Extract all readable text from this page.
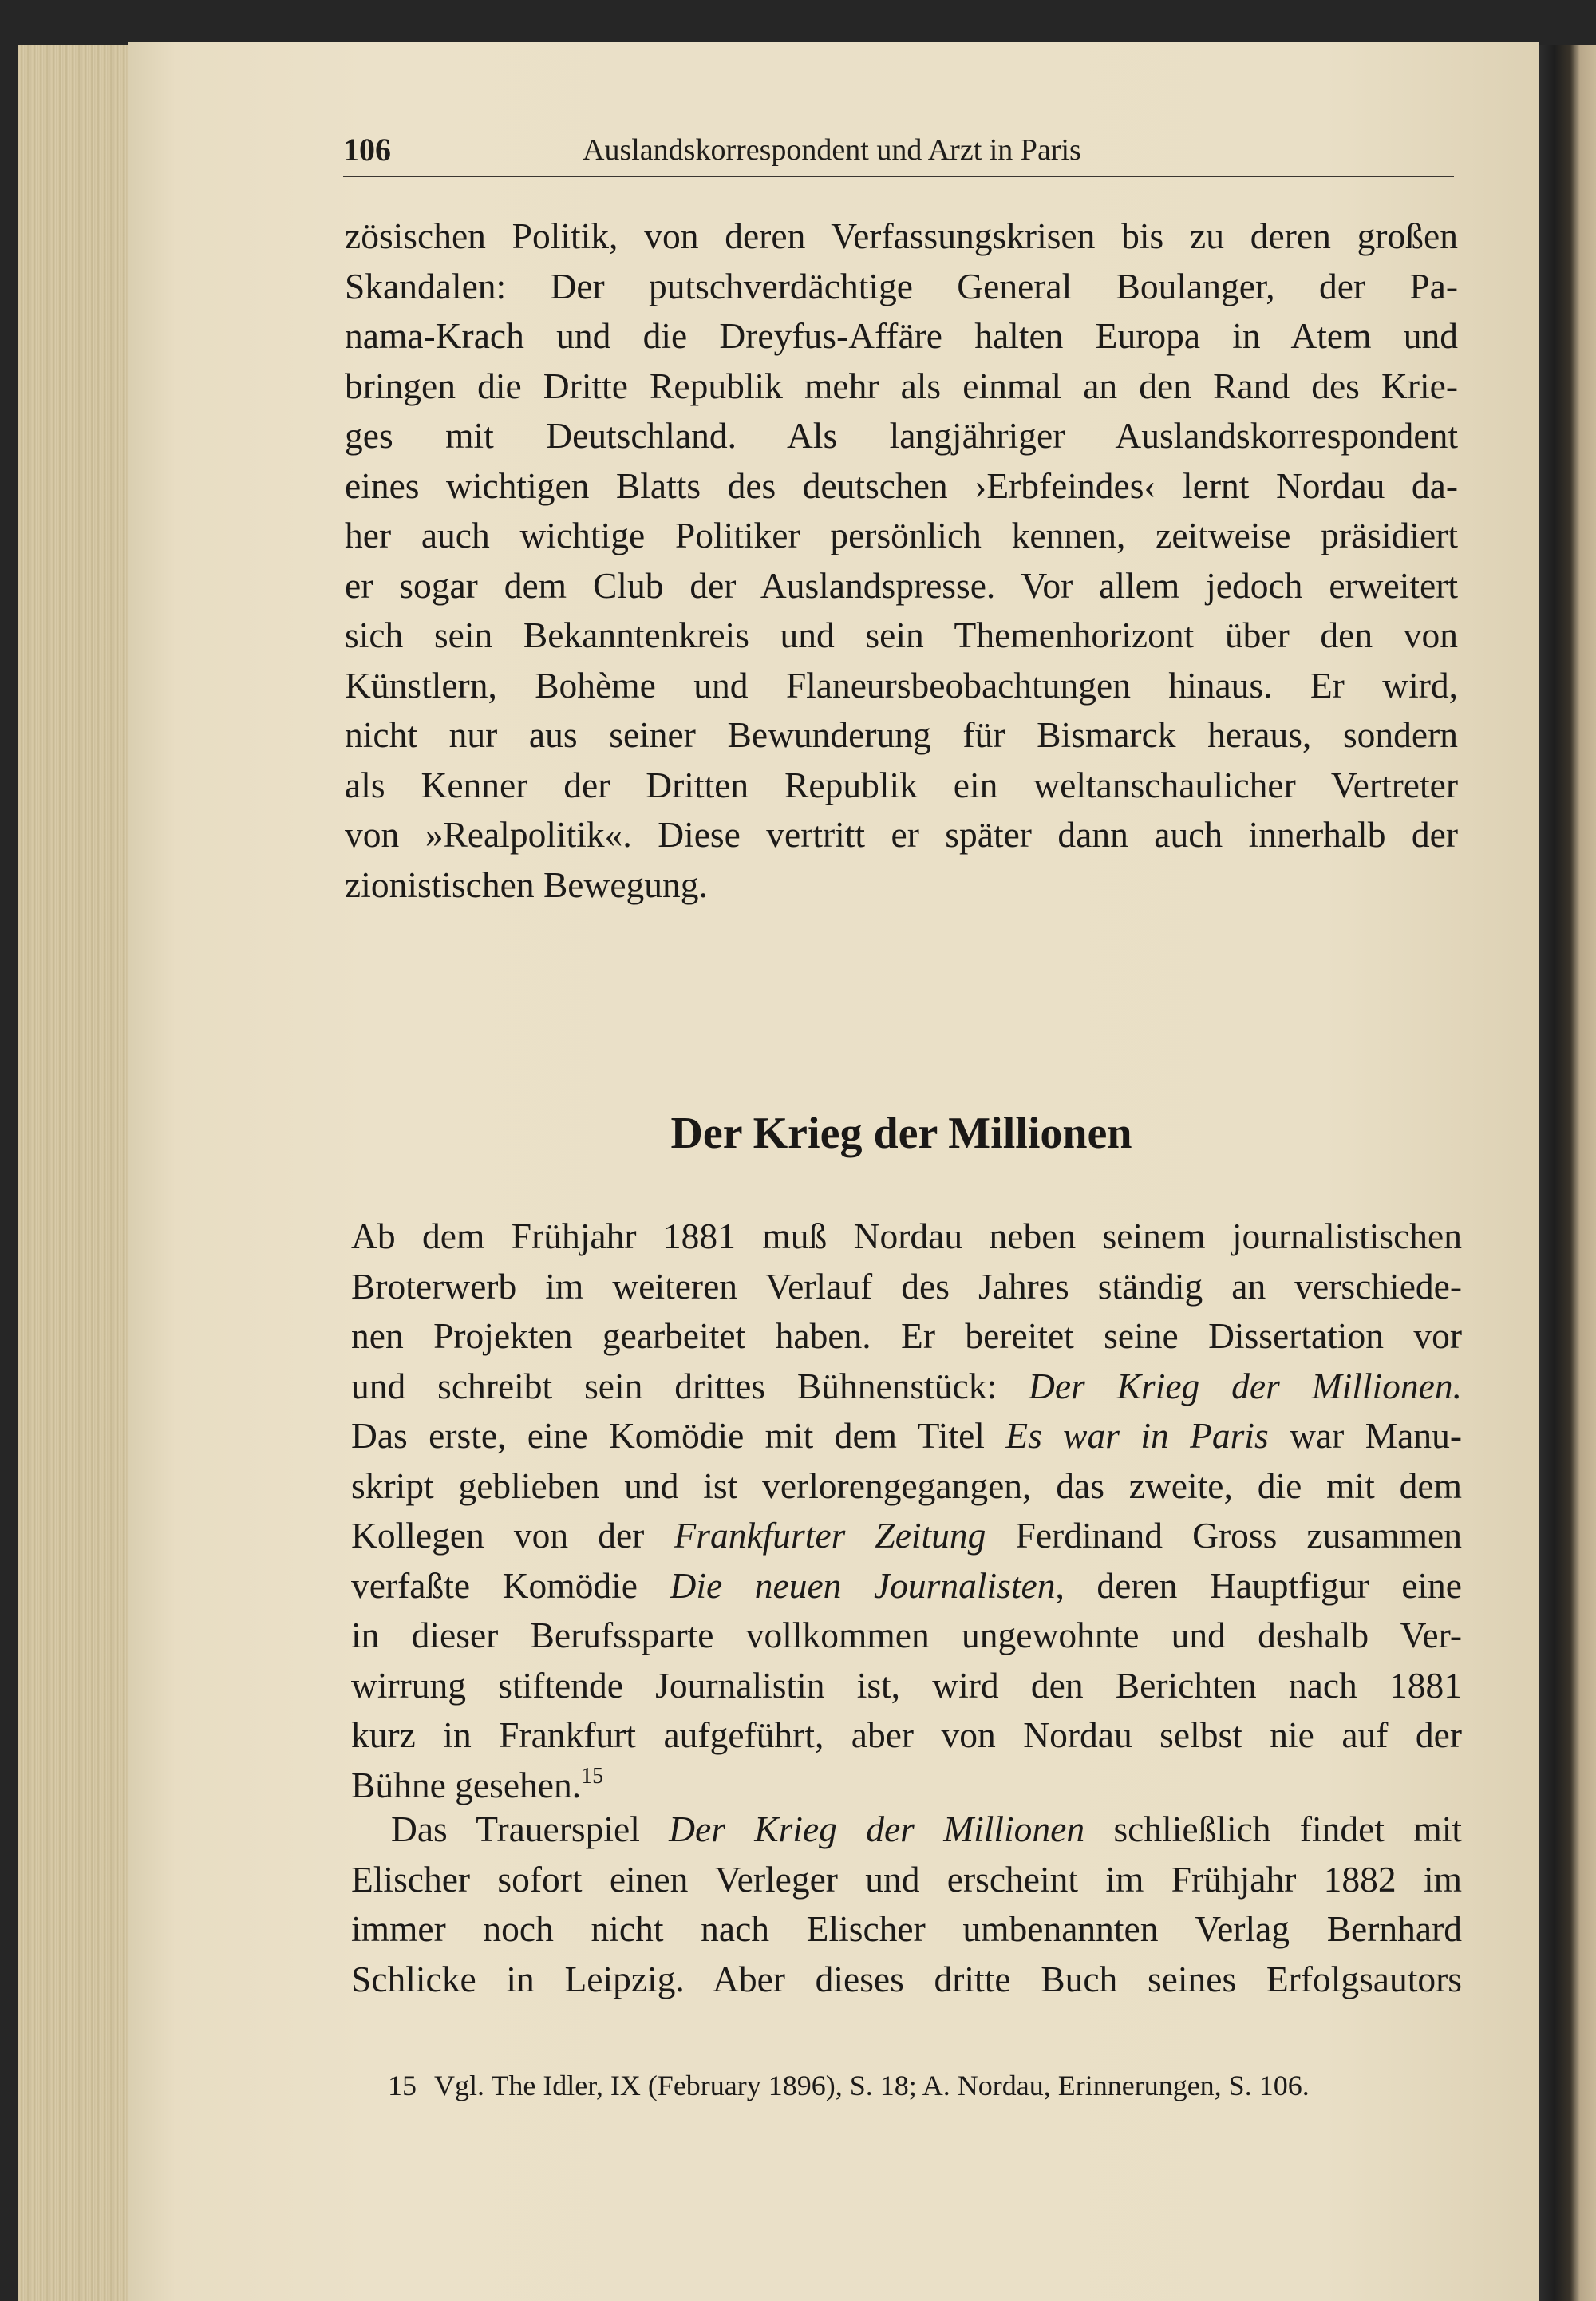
106	Auslandskorrespondent und Arzt in Paris
zösischen Politik, von deren Verfassungskrisen bis zu deren großen
Skandalen: Der putschverdächtige General Boulanger, der Pa-
nama-Krach und die Dreyfus-Affäre halten Europa in Atem und
bringen die Dritte Republik mehr als einmal an den Rand des Krie-
ges mit Deutschland. Als langjähriger Auslandskorrespondent
eines wichtigen Blatts des deutschen ›Erbfeindes‹ lernt Nordau da-
her auch wichtige Politiker persönlich kennen, zeitweise präsidiert
er sogar dem Club der Auslandspresse. Vor allem jedoch erweitert
sich sein Bekanntenkreis und sein Themenhorizont über den von
Künstlern, Bohème und Flaneursbeobachtungen hinaus. Er wird,
nicht nur aus seiner Bewunderung für Bismarck heraus, sondern
als Kenner der Dritten Republik ein weltanschaulicher Vertreter
von »Realpolitik«. Diese vertritt er später dann auch innerhalb der
zionistischen Bewegung.
Der Krieg der Millionen
Ab dem Frühjahr 1881 muß Nordau neben seinem journalistischen
Broterwerb im weiteren Verlauf des Jahres ständig an verschiede-
nen Projekten gearbeitet haben. Er bereitet seine Dissertation vor
und schreibt sein drittes Bühnenstück: Der Krieg der Millionen.
Das erste, eine Komödie mit dem Titel Es war in Paris war Manu-
skript geblieben und ist verlorengegangen, das zweite, die mit dem
Kollegen von der Frankfurter Zeitung Ferdinand Gross zusammen
verfaßte Komödie Die neuen Journalisten, deren Hauptfigur eine
in dieser Berufssparte vollkommen ungewohnte und deshalb Ver-
wirrung stiftende Journalistin ist, wird den Berichten nach 1881
kurz in Frankfurt aufgeführt, aber von Nordau selbst nie auf der
Bühne gesehen.$^{15}$
Das Trauerspiel Der Krieg der Millionen schließlich findet mit
Elischer sofort einen Verleger und erscheint im Frühjahr 1882 im
immer noch nicht nach Elischer umbenannten Verlag Bernhard
Schlicke in Leipzig. Aber dieses dritte Buch seines Erfolgsautors
15 Vgl. The Idler, IX (February 1896), S. 18; A. Nordau, Erinnerungen, S. 106.
